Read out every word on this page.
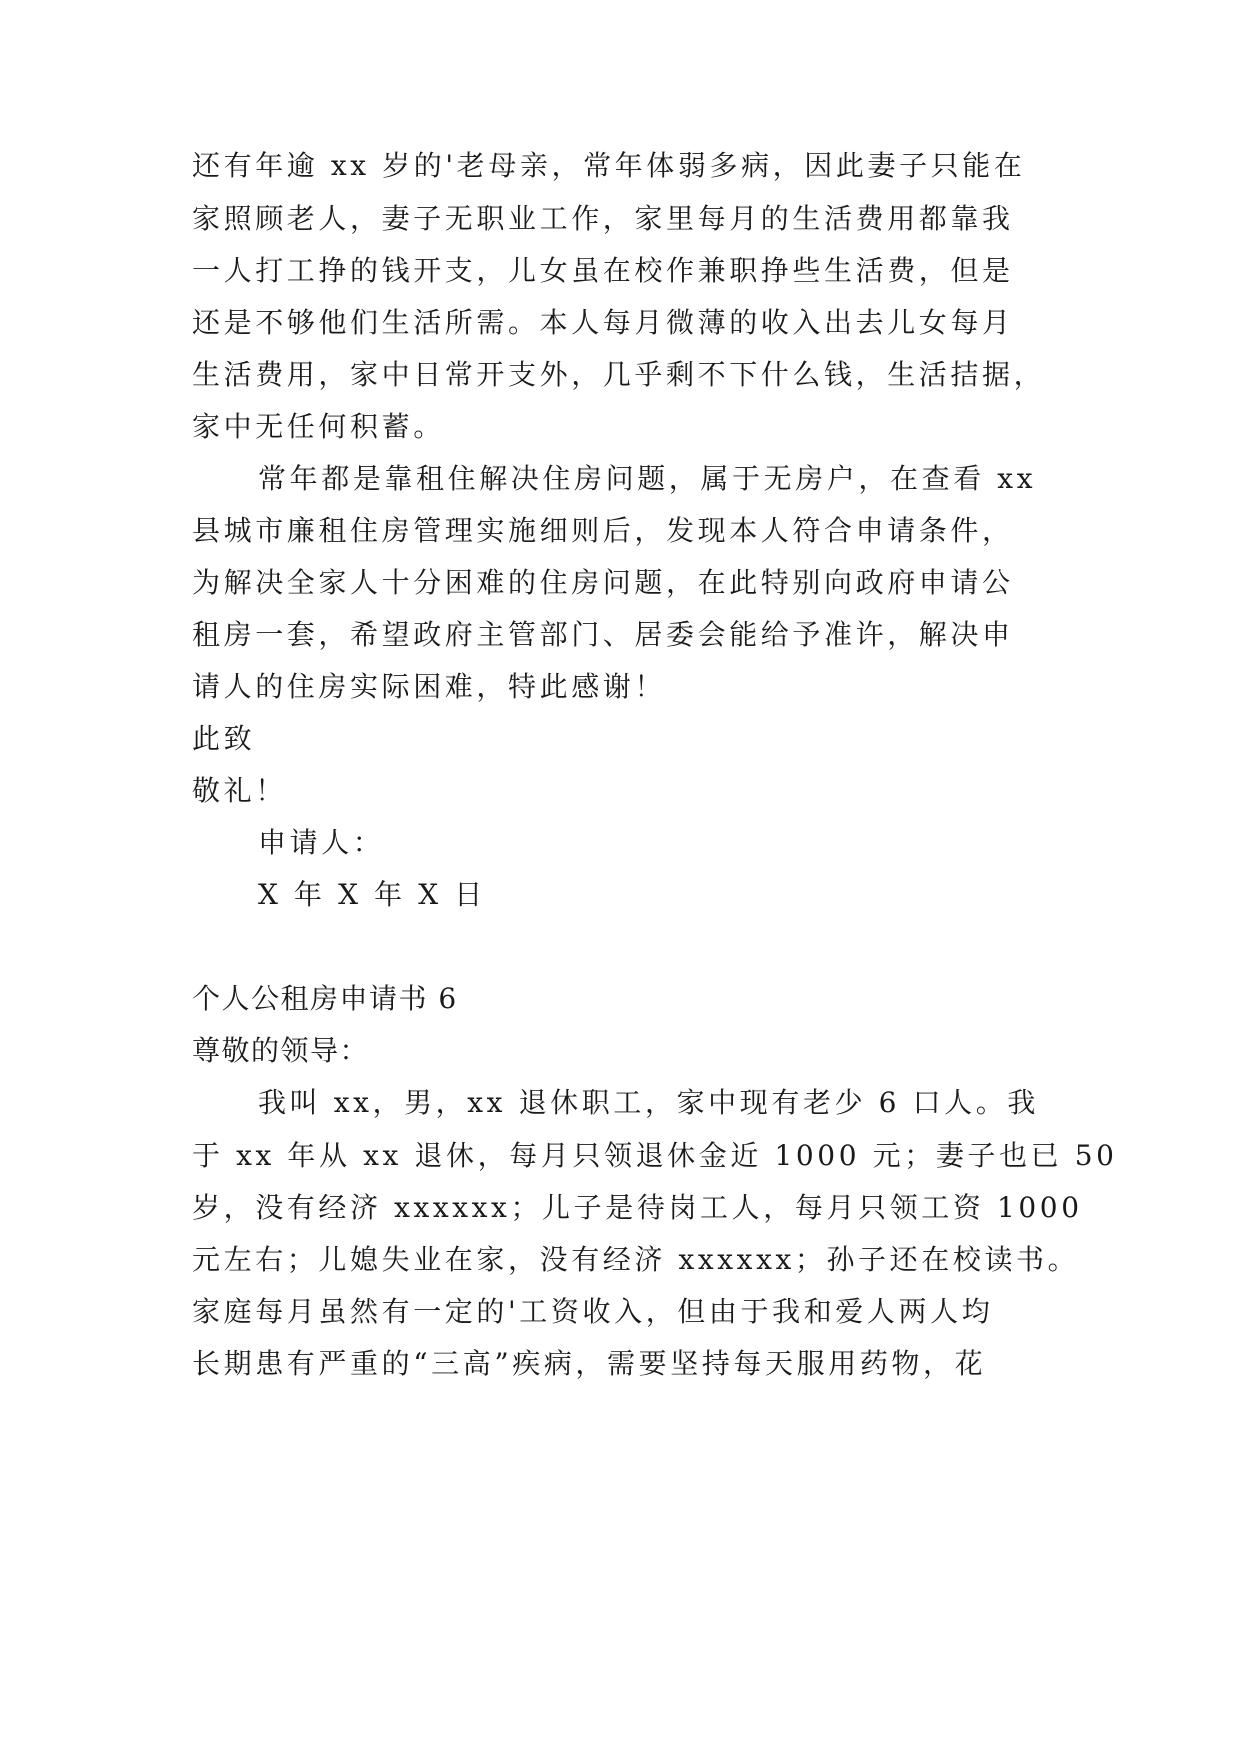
还有年逾 xx 岁的'老母亲，常年体弱多病，因此妻子只能在
家照顾老人，妻子无职业工作，家里每月的生活费用都靠我
一人打工挣的钱开支，儿女虽在校作兼职挣些生活费，但是
还是不够他们生活所需。本人每月微薄的收入出去儿女每月
生活费用，家中日常开支外，几乎剩不下什么钱，生活拮据，
家中无任何积蓄。
常年都是靠租住解决住房问题，属于无房户，在查看 xx
县城市廉租住房管理实施细则后，发现本人符合申请条件，
为解决全家人十分困难的住房问题，在此特别向政府申请公
租房一套，希望政府主管部门、居委会能给予准许，解决申
请人的住房实际困难，特此感谢！
此致
敬礼！
申请人：
X 年 X 年 X 日
个人公租房申请书 6
尊敬的领导：
我叫 xx，男，xx 退休职工，家中现有老少 6 口人。我
于 xx 年从 xx 退休，每月只领退休金近 1000 元；妻子也已 50
岁，没有经济 xxxxxx；儿子是待岗工人，每月只领工资 1000
元左右；儿媳失业在家，没有经济 xxxxxx；孙子还在校读书。
家庭每月虽然有一定的'工资收入，但由于我和爱人两人均
长期患有严重的“三高”疾病，需要坚持每天服用药物，花
